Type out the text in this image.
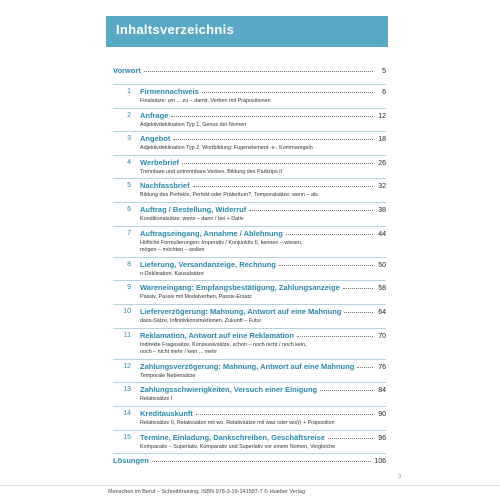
Inhaltsverzeichnis
Vorwort	5
1 Firmennachweis	6
Finalsätze: um ... zu – damit, Verben mit Präpositionen
2 Anfrage	12
Adjektivdeklination Typ 1, Genus der Nomen
3 Angebot	18
Adjektivdeklination Typ 2, Wortbildung: Fugenelement -s-, Kommaregeln
4 Werbebrief	26
Trennbare und untrennbare Verben, Bildung des Partizips II
5 Nachfassbrief	32
Bildung des Perfekts, Perfekt oder Präteritum?, Temporalsätze: wenn – als
6 Auftrag / Bestellung, Widerruf	38
Konditionalsätze: wenn – dann / bei + Dativ
7 Auftragseingang, Annahme / Ablehnung	44
Höfliche Formulierungen: Imperativ / Konjunktiv II, kennen – wissen,
mögen – möchten – wollen
8 Lieferung, Versandanzeige, Rechnung	50
n-Deklination, Kausalsätze
9 Wareneingang: Empfangsbestätigung, Zahlungsanzeige	58
Passiv, Passiv mit Modalverben, Passiv-Ersatz
10 Lieferverzögerung: Mahnung, Antwort auf eine Mahnung	64
dass-Sätze, Infinitivkonstruktionen, Zukunft – Futur
11 Reklamation, Antwort auf eine Reklamation	70
Indirekte Fragesätze, Konzessivsätze, schon – noch nicht / noch kein,
noch – nicht mehr / kein ... mehr
12 Zahlungsverzögerung: Mahnung, Antwort auf eine Mahnung	76
Temporale Nebensätze
13 Zahlungsschwierigkeiten, Versuch einer Einigung	84
Relativsätze I
14 Kreditauskunft	90
Relativsätze II, Relativsätze mit wo, Relativsätze mit was oder wo(r) + Präposition
15 Termine, Einladung, Dankschreiben, Geschäftsreise	96
Komparativ – Superlativ, Komparativ und Superlativ vor einem Nomen, Vergleiche
Lösungen	106
3
Menschen im Beruf – Schreibtraining, ISBN 978-3-19-141587-7 © Hueber Verlag
